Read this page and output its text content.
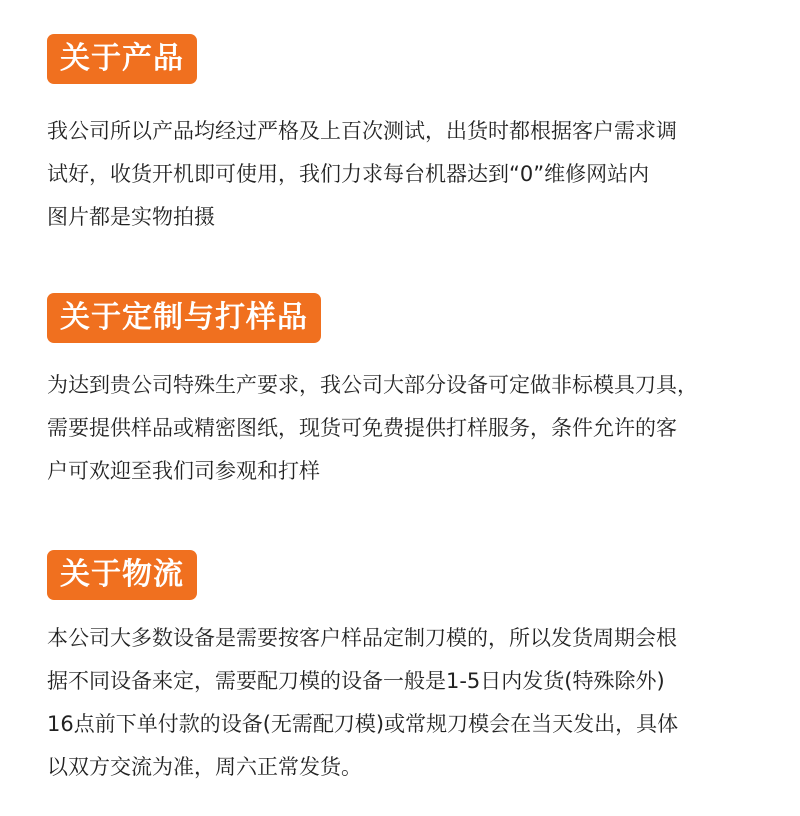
关于产品
我公司所以产品均经过严格及上百次测试，出货时都根据客户需求调
试好，收货开机即可使用，我们力求每台机器达到“0”维修网站内
图片都是实物拍摄
关于定制与打样品
为达到贵公司特殊生产要求，我公司大部分设备可定做非标模具刀具，
需要提供样品或精密图纸，现货可免费提供打样服务，条件允许的客
户可欢迎至我们司参观和打样
关于物流
本公司大多数设备是需要按客户样品定制刀模的，所以发货周期会根
据不同设备来定，需要配刀模的设备一般是1-5日内发货(特殊除外)
16点前下单付款的设备(无需配刀模)或常规刀模会在当天发出，具体
以双方交流为准，周六正常发货。
